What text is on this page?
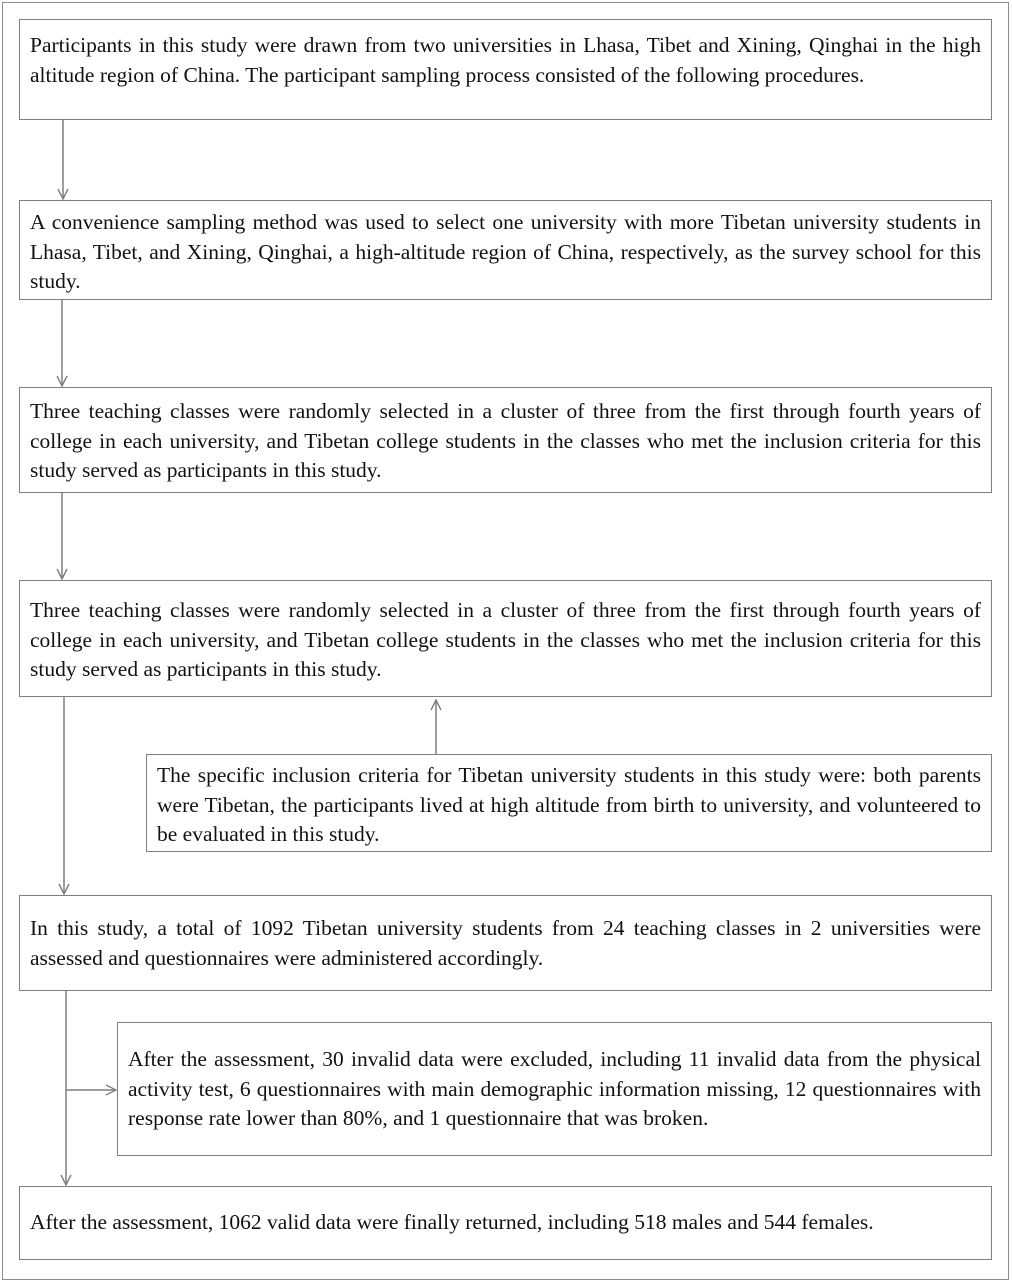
Participants in this study were drawn from two universities in Lhasa, Tibet and Xining, Qinghai in the high altitude region of China. The participant sampling process consisted of the following procedures.
A convenience sampling method was used to select one university with more Tibetan university students in Lhasa, Tibet, and Xining, Qinghai, a high-altitude region of China, respectively, as the survey school for this study.
Three teaching classes were randomly selected in a cluster of three from the first through fourth years of college in each university, and Tibetan college students in the classes who met the inclusion criteria for this study served as participants in this study.
Three teaching classes were randomly selected in a cluster of three from the first through fourth years of college in each university, and Tibetan college students in the classes who met the inclusion criteria for this study served as participants in this study.
The specific inclusion criteria for Tibetan university students in this study were: both parents were Tibetan, the participants lived at high altitude from birth to university, and volunteered to be evaluated in this study.
In this study, a total of 1092 Tibetan university students from 24 teaching classes in 2 universities were assessed and questionnaires were administered accordingly.
After the assessment, 30 invalid data were excluded, including 11 invalid data from the physical activity test, 6 questionnaires with main demographic information missing, 12 questionnaires with response rate lower than 80%, and 1 questionnaire that was broken.
After the assessment, 1062 valid data were finally returned, including 518 males and 544 females.
